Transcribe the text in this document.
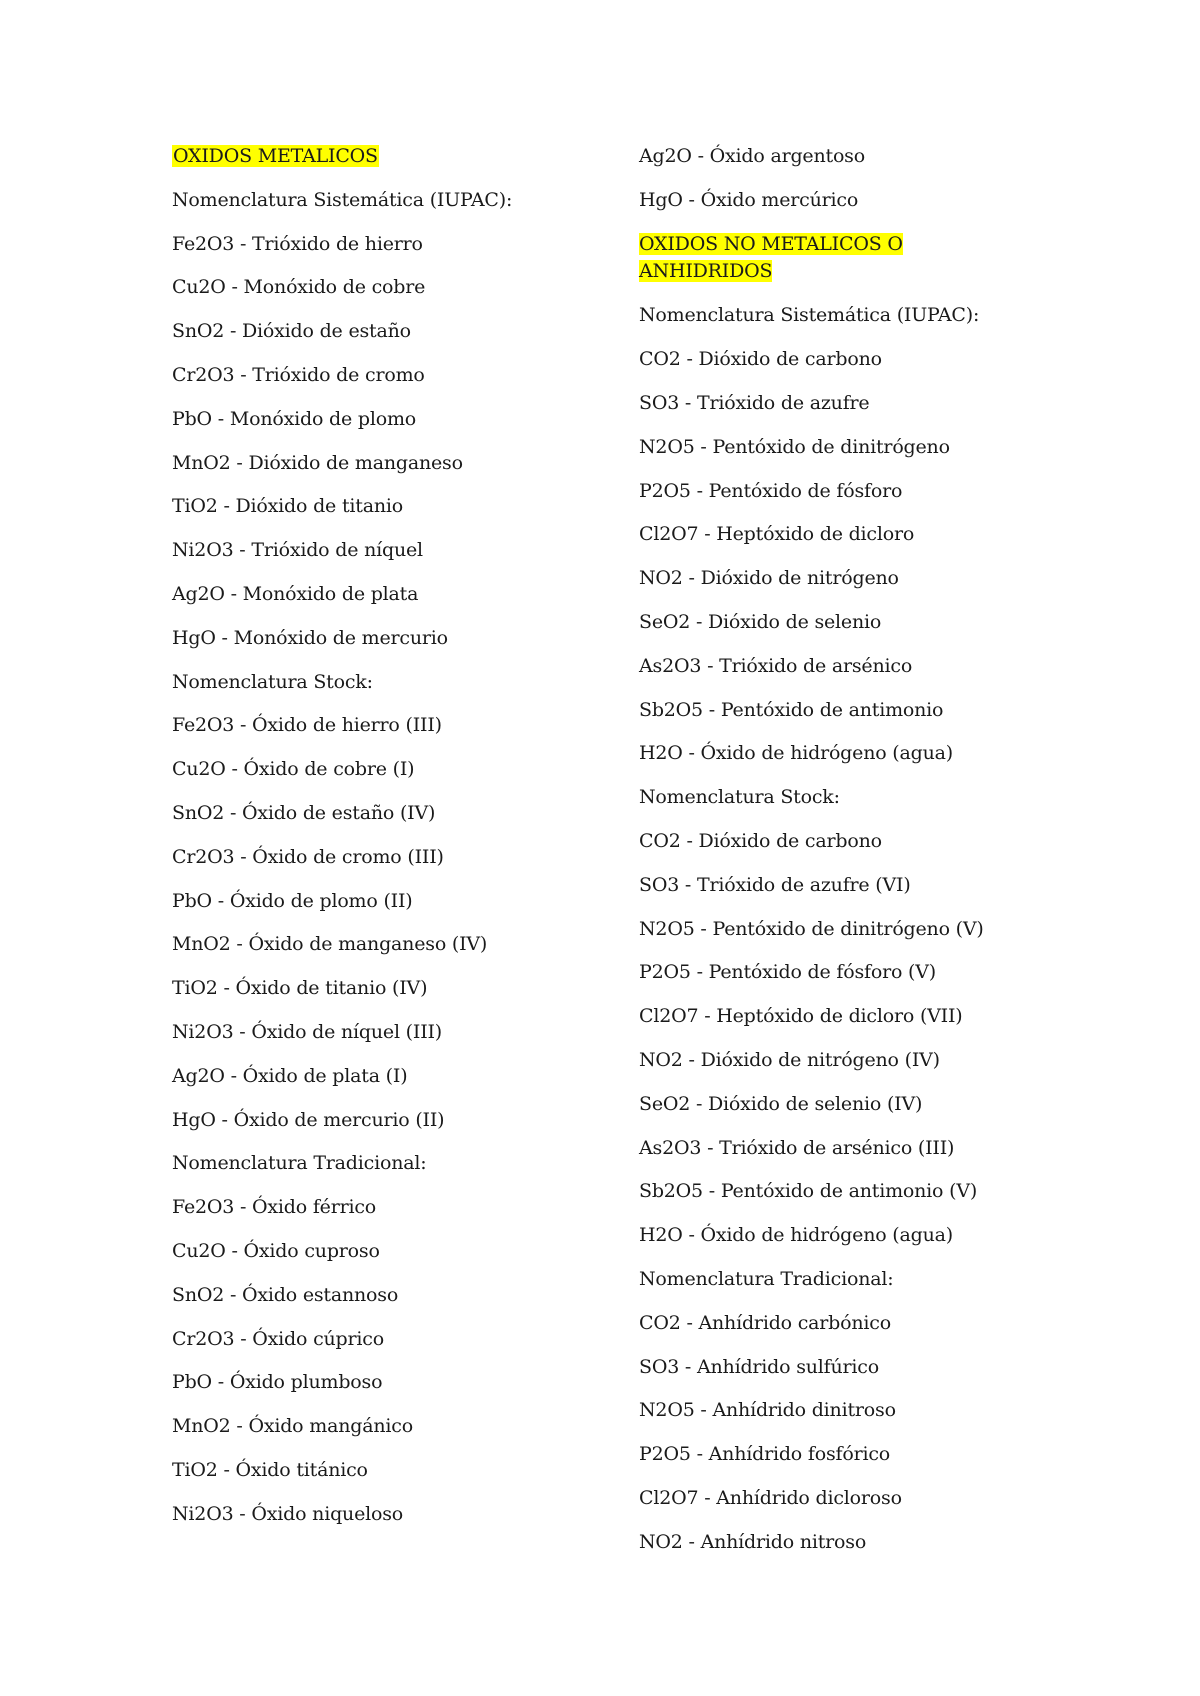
OXIDOS METALICOS
Nomenclatura Sistemática (IUPAC):
Fe2O3 - Trióxido de hierro
Cu2O - Monóxido de cobre
SnO2 - Dióxido de estaño
Cr2O3 - Trióxido de cromo
PbO - Monóxido de plomo
MnO2 - Dióxido de manganeso
TiO2 - Dióxido de titanio
Ni2O3 - Trióxido de níquel
Ag2O - Monóxido de plata
HgO - Monóxido de mercurio
Nomenclatura Stock:
Fe2O3 - Óxido de hierro (III)
Cu2O - Óxido de cobre (I)
SnO2 - Óxido de estaño (IV)
Cr2O3 - Óxido de cromo (III)
PbO - Óxido de plomo (II)
MnO2 - Óxido de manganeso (IV)
TiO2 - Óxido de titanio (IV)
Ni2O3 - Óxido de níquel (III)
Ag2O - Óxido de plata (I)
HgO - Óxido de mercurio (II)
Nomenclatura Tradicional:
Fe2O3 - Óxido férrico
Cu2O - Óxido cuproso
SnO2 - Óxido estannoso
Cr2O3 - Óxido cúprico
PbO - Óxido plumboso
MnO2 - Óxido mangánico
TiO2 - Óxido titánico
Ni2O3 - Óxido niqueloso
Ag2O - Óxido argentoso
HgO - Óxido mercúrico
OXIDOS NO METALICOS O
ANHIDRIDOS
Nomenclatura Sistemática (IUPAC):
CO2 - Dióxido de carbono
SO3 - Trióxido de azufre
N2O5 - Pentóxido de dinitrógeno
P2O5 - Pentóxido de fósforo
Cl2O7 - Heptóxido de dicloro
NO2 - Dióxido de nitrógeno
SeO2 - Dióxido de selenio
As2O3 - Trióxido de arsénico
Sb2O5 - Pentóxido de antimonio
H2O - Óxido de hidrógeno (agua)
Nomenclatura Stock:
CO2 - Dióxido de carbono
SO3 - Trióxido de azufre (VI)
N2O5 - Pentóxido de dinitrógeno (V)
P2O5 - Pentóxido de fósforo (V)
Cl2O7 - Heptóxido de dicloro (VII)
NO2 - Dióxido de nitrógeno (IV)
SeO2 - Dióxido de selenio (IV)
As2O3 - Trióxido de arsénico (III)
Sb2O5 - Pentóxido de antimonio (V)
H2O - Óxido de hidrógeno (agua)
Nomenclatura Tradicional:
CO2 - Anhídrido carbónico
SO3 - Anhídrido sulfúrico
N2O5 - Anhídrido dinitroso
P2O5 - Anhídrido fosfórico
Cl2O7 - Anhídrido dicloroso
NO2 - Anhídrido nitroso
